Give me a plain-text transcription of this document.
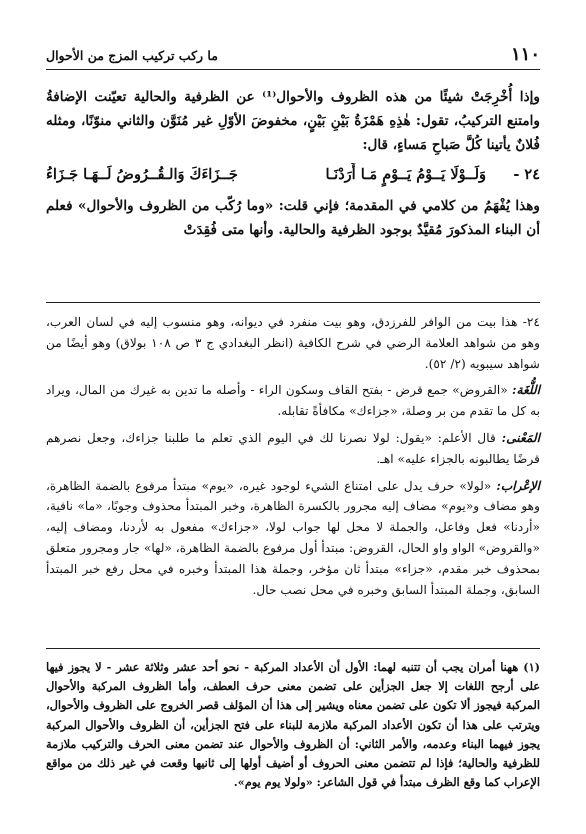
١١٠
ما ركب تركيب المزج من الأحوال

وإذا أُخْرِجَتْ شيئًا من هذه الظروف والأحوال⁽¹⁾ عن الظرفية والحالية تعيّنت الإضافةُ وامتنع التركيبُ، تقول: هٰذِهِ هَمْزَةُ بَيْنِ بَيْنٍ، مخفوضَ الأوّلِ غير مُنَوَّن والثاني منوّنًا، ومثله فُلانٌ يأتينا كُلَّ صَباحِ مَساءٍ، قال:

٢٤ -
وَلَــوْلَا يَــوْمُ يَــوْمٍ مَـا أَرَدْنَـا
جَــزَاءَكَ وَالـقُــرُوضُ لَــهَـا جَـزَاءُ

وهذا يُفْهَمُ من كلامي في المقدمة؛ فإني قلت: «وما رُكّب من الظروف والأحوال» فعلم أن البناء المذكورَ مُقيَّدٌ بوجود الظرفية والحالية. وأنها متى فُقِدَتْ

٢٤- هذا بيت من الوافر للفرزدق، وهو بيت منفرد في ديوانه، وهو منسوب إليه في لسان العرب، وهو من شواهد العلامة الرضي في شرح الكافية (انظر البغدادي ج ٣ ص ١٠٨ بولاق) وهو أيضًا من شواهد سيبويه (٢/ ٥٢).

اللُّغَة: «القروض» جمع قرض - بفتح القاف وسكون الراء - وأصله ما تدين به غيرك من المال، ويراد به كل ما تقدم من بر وصلة، «جزاءك» مكافأةً تقابله.

المَعْنى: قال الأعلم: «يقول: لولا نصرنا لك في اليوم الذي تعلم ما طلبنا جزاءك، وجعل نصرهم قرضًا يطالبونه بالجزاء عليه» اهـ.

الإعْراب: «لولا» حرف يدل على امتناع الشيء لوجود غيره، «يوم» مبتدأ مرفوع بالضمة الظاهرة، وهو مضاف و«يوم» مضاف إليه مجرور بالكسرة الظاهرة، وخبر المبتدأ محذوف وجوبًا، «ما» نافية، «أردنا» فعل وفاعل، والجملة لا محل لها جواب لولا، «جزاءك» مفعول به لأردنا، ومضاف إليه، «والقروض» الواو واو الحال، القروض: مبتدأ أول مرفوع بالضمة الظاهرة، «لها» جار ومجرور متعلق بمحذوف خبر مقدم، «جزاء» مبتدأ ثان مؤخر، وجملة هذا المبتدأ وخبره في محل رفع خبر المبتدأ السابق، وجملة المبتدأ السابق وخبره في محل نصب حال.

(١) ههنا أمران يجب أن تتنبه لهما: الأول أن الأعداد المركبة - نحو أحد عشر وثلاثة عشر - لا يجوز فيها على أرجح اللغات إلا جعل الجزأين على تضمن معنى حرف العطف، وأما الظروف المركبة والأحوال المركبة فيجوز ألا تكون على تضمن معناه ويشير إلى هذا أن المؤلف قصر الخروج على الظروف والأحوال، ويترتب على هذا أن تكون الأعداد المركبة ملازمة للبناء على فتح الجزأين، أن الظروف والأحوال المركبة يجوز فيهما البناء وعدمه، والأمر الثاني: أن الظروف والأحوال عند تضمن معنى الحرف والتركيب ملازمة للظرفية والحالية؛ فإذا لم تتضمن معنى الحروف أو أضيف أولها إلى ثانيها وقعت في غير ذلك من مواقع الإعراب كما وقع الظرف مبتدأ في قول الشاعر: «ولولا يوم يوم».
